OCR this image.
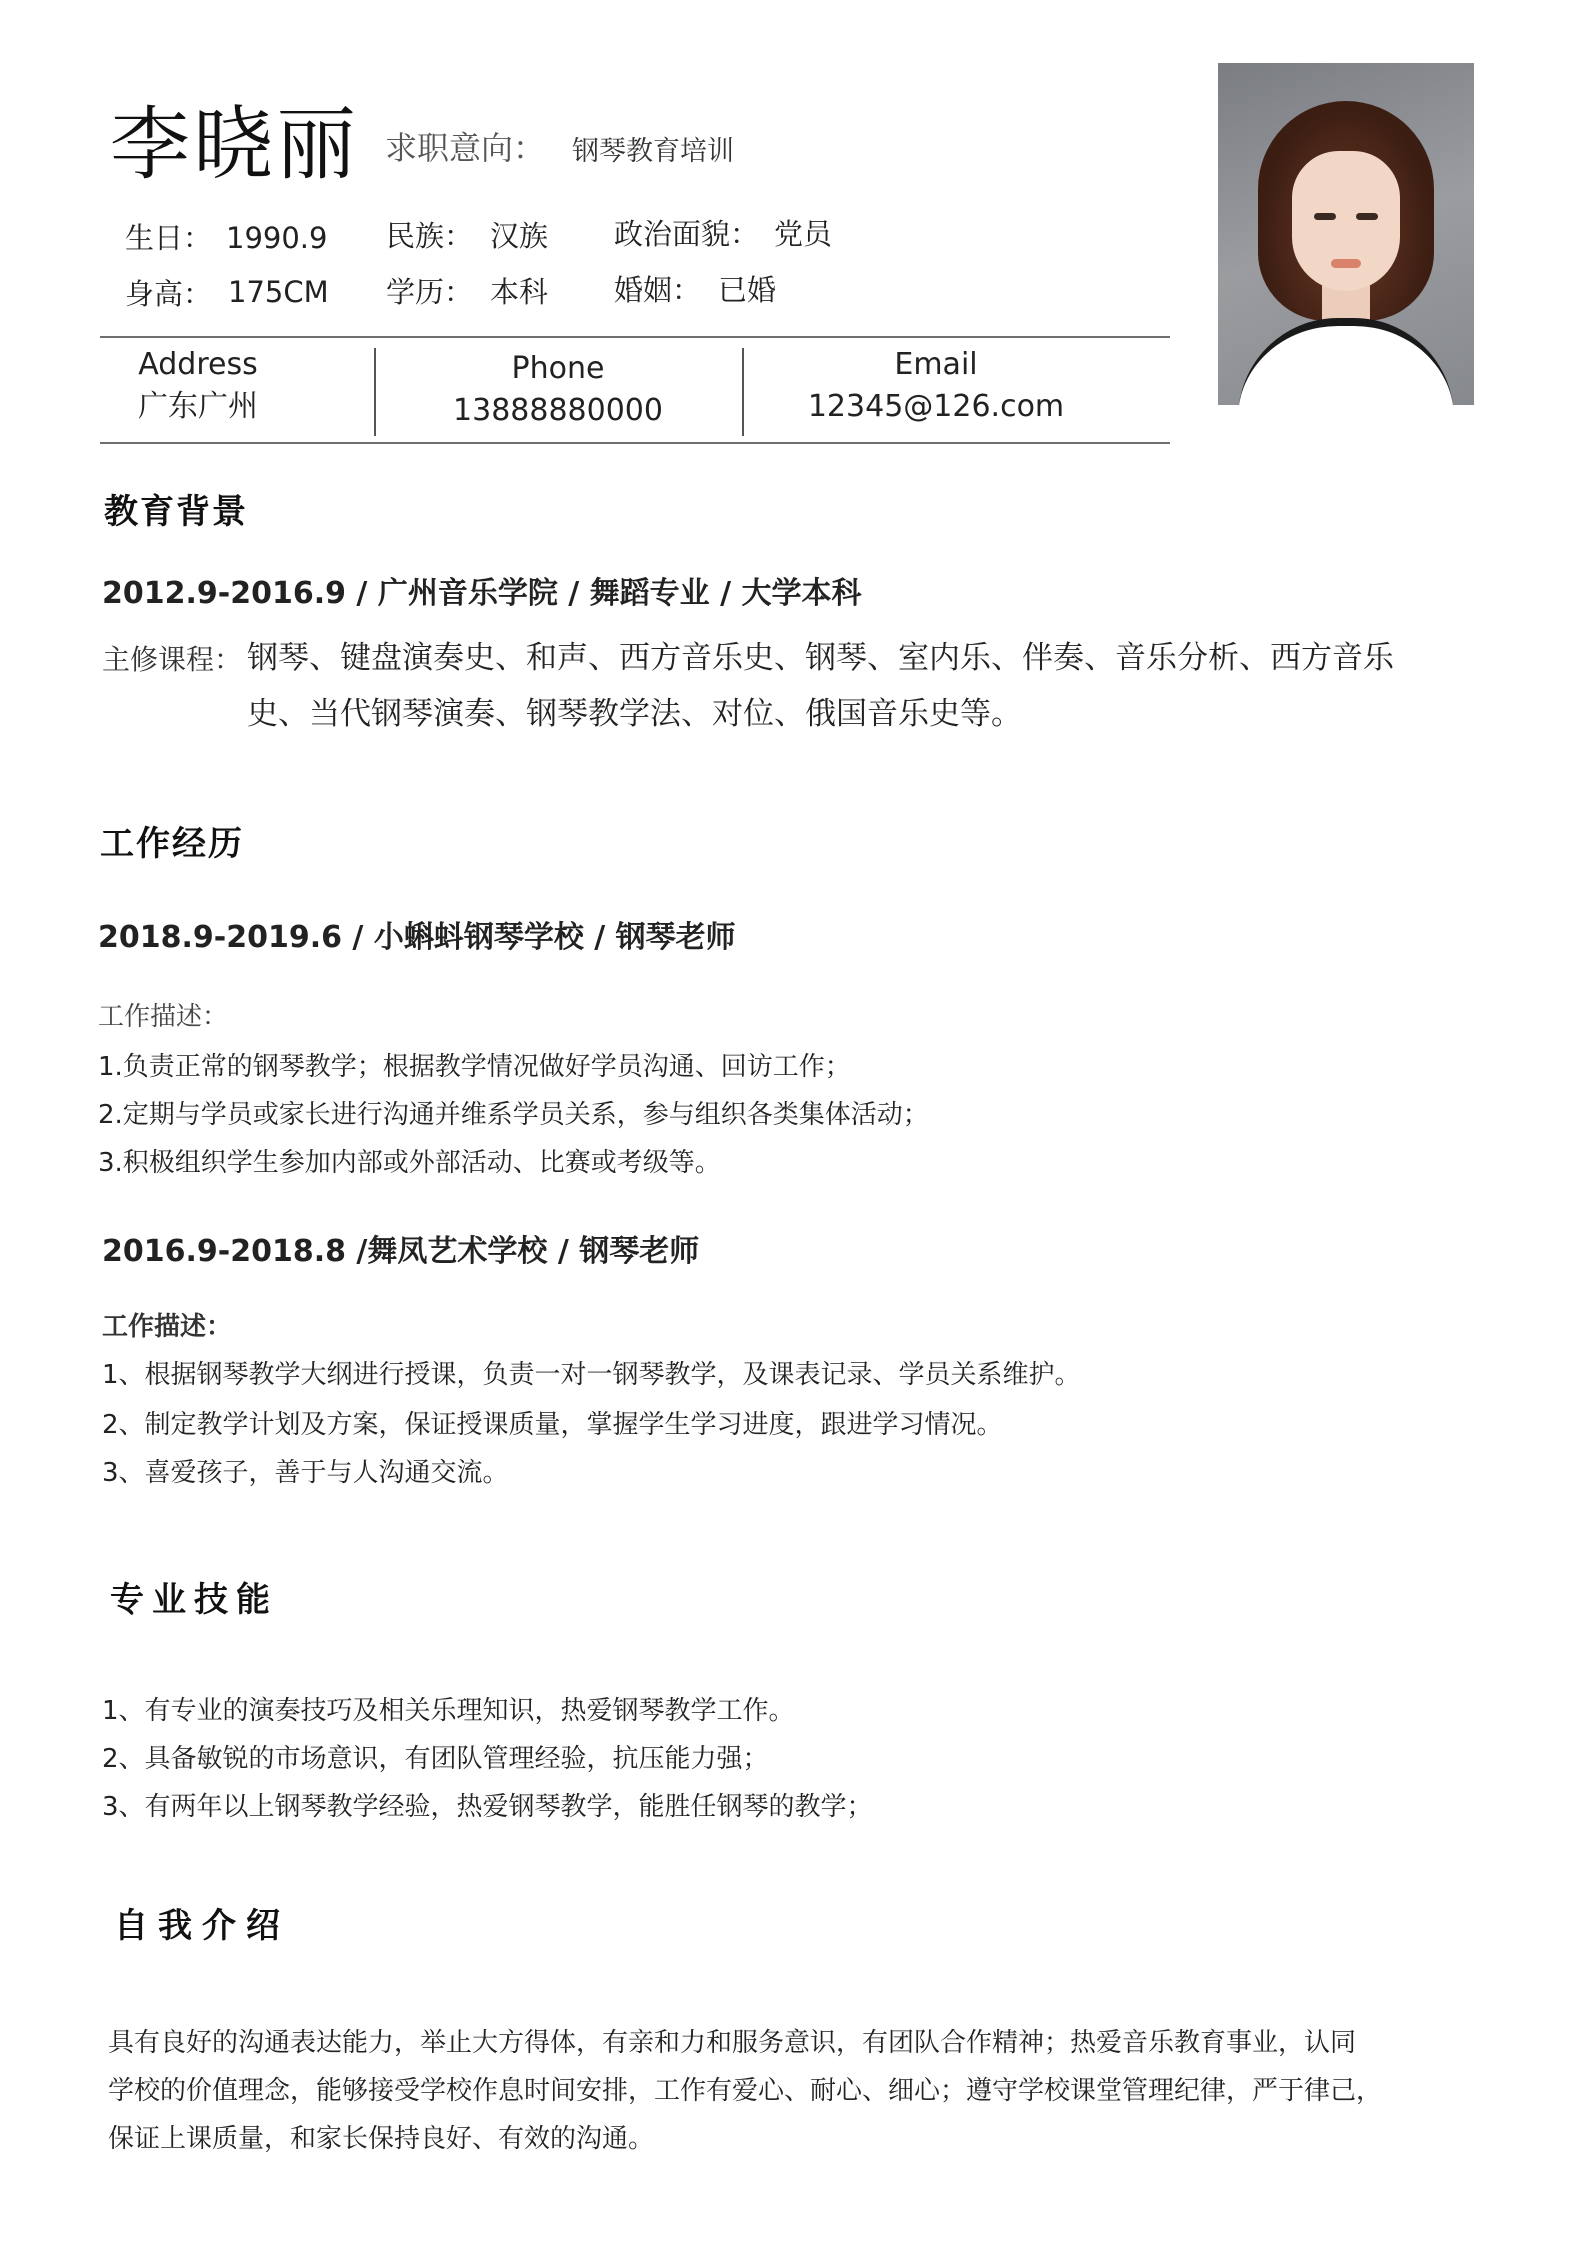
李晓丽 求职意向： 钢琴教育培训
生日： 1990.9 民族： 汉族 政治面貌： 党员
身高： 175CM 学历： 本科 婚姻： 已婚
Address
广东广州
Phone
13888880000
Email
12345@126.com
教育背景
2012.9-2016.9 / 广州音乐学院 / 舞蹈专业 / 大学本科
主修课程： 钢琴、键盘演奏史、和声、西方音乐史、钢琴、室内乐、伴奏、音乐分析、西方音乐
史、当代钢琴演奏、钢琴教学法、对位、俄国音乐史等。
工作经历
2018.9-2019.6 / 小蝌蚪钢琴学校 / 钢琴老师
工作描述：
1.负责正常的钢琴教学；根据教学情况做好学员沟通、回访工作；
2.定期与学员或家长进行沟通并维系学员关系，参与组织各类集体活动；
3.积极组织学生参加内部或外部活动、比赛或考级等。
2016.9-2018.8 /舞凤艺术学校 / 钢琴老师
工作描述：
1、根据钢琴教学大纲进行授课，负责一对一钢琴教学，及课表记录、学员关系维护。
2、制定教学计划及方案，保证授课质量，掌握学生学习进度，跟进学习情况。
3、喜爱孩子，善于与人沟通交流。
专业技能
1、有专业的演奏技巧及相关乐理知识，热爱钢琴教学工作。
2、具备敏锐的市场意识，有团队管理经验，抗压能力强；
3、有两年以上钢琴教学经验，热爱钢琴教学，能胜任钢琴的教学；
自我介绍
具有良好的沟通表达能力，举止大方得体，有亲和力和服务意识，有团队合作精神；热爱音乐教育事业，认同
学校的价值理念，能够接受学校作息时间安排，工作有爱心、耐心、细心；遵守学校课堂管理纪律，严于律己，
保证上课质量，和家长保持良好、有效的沟通。
